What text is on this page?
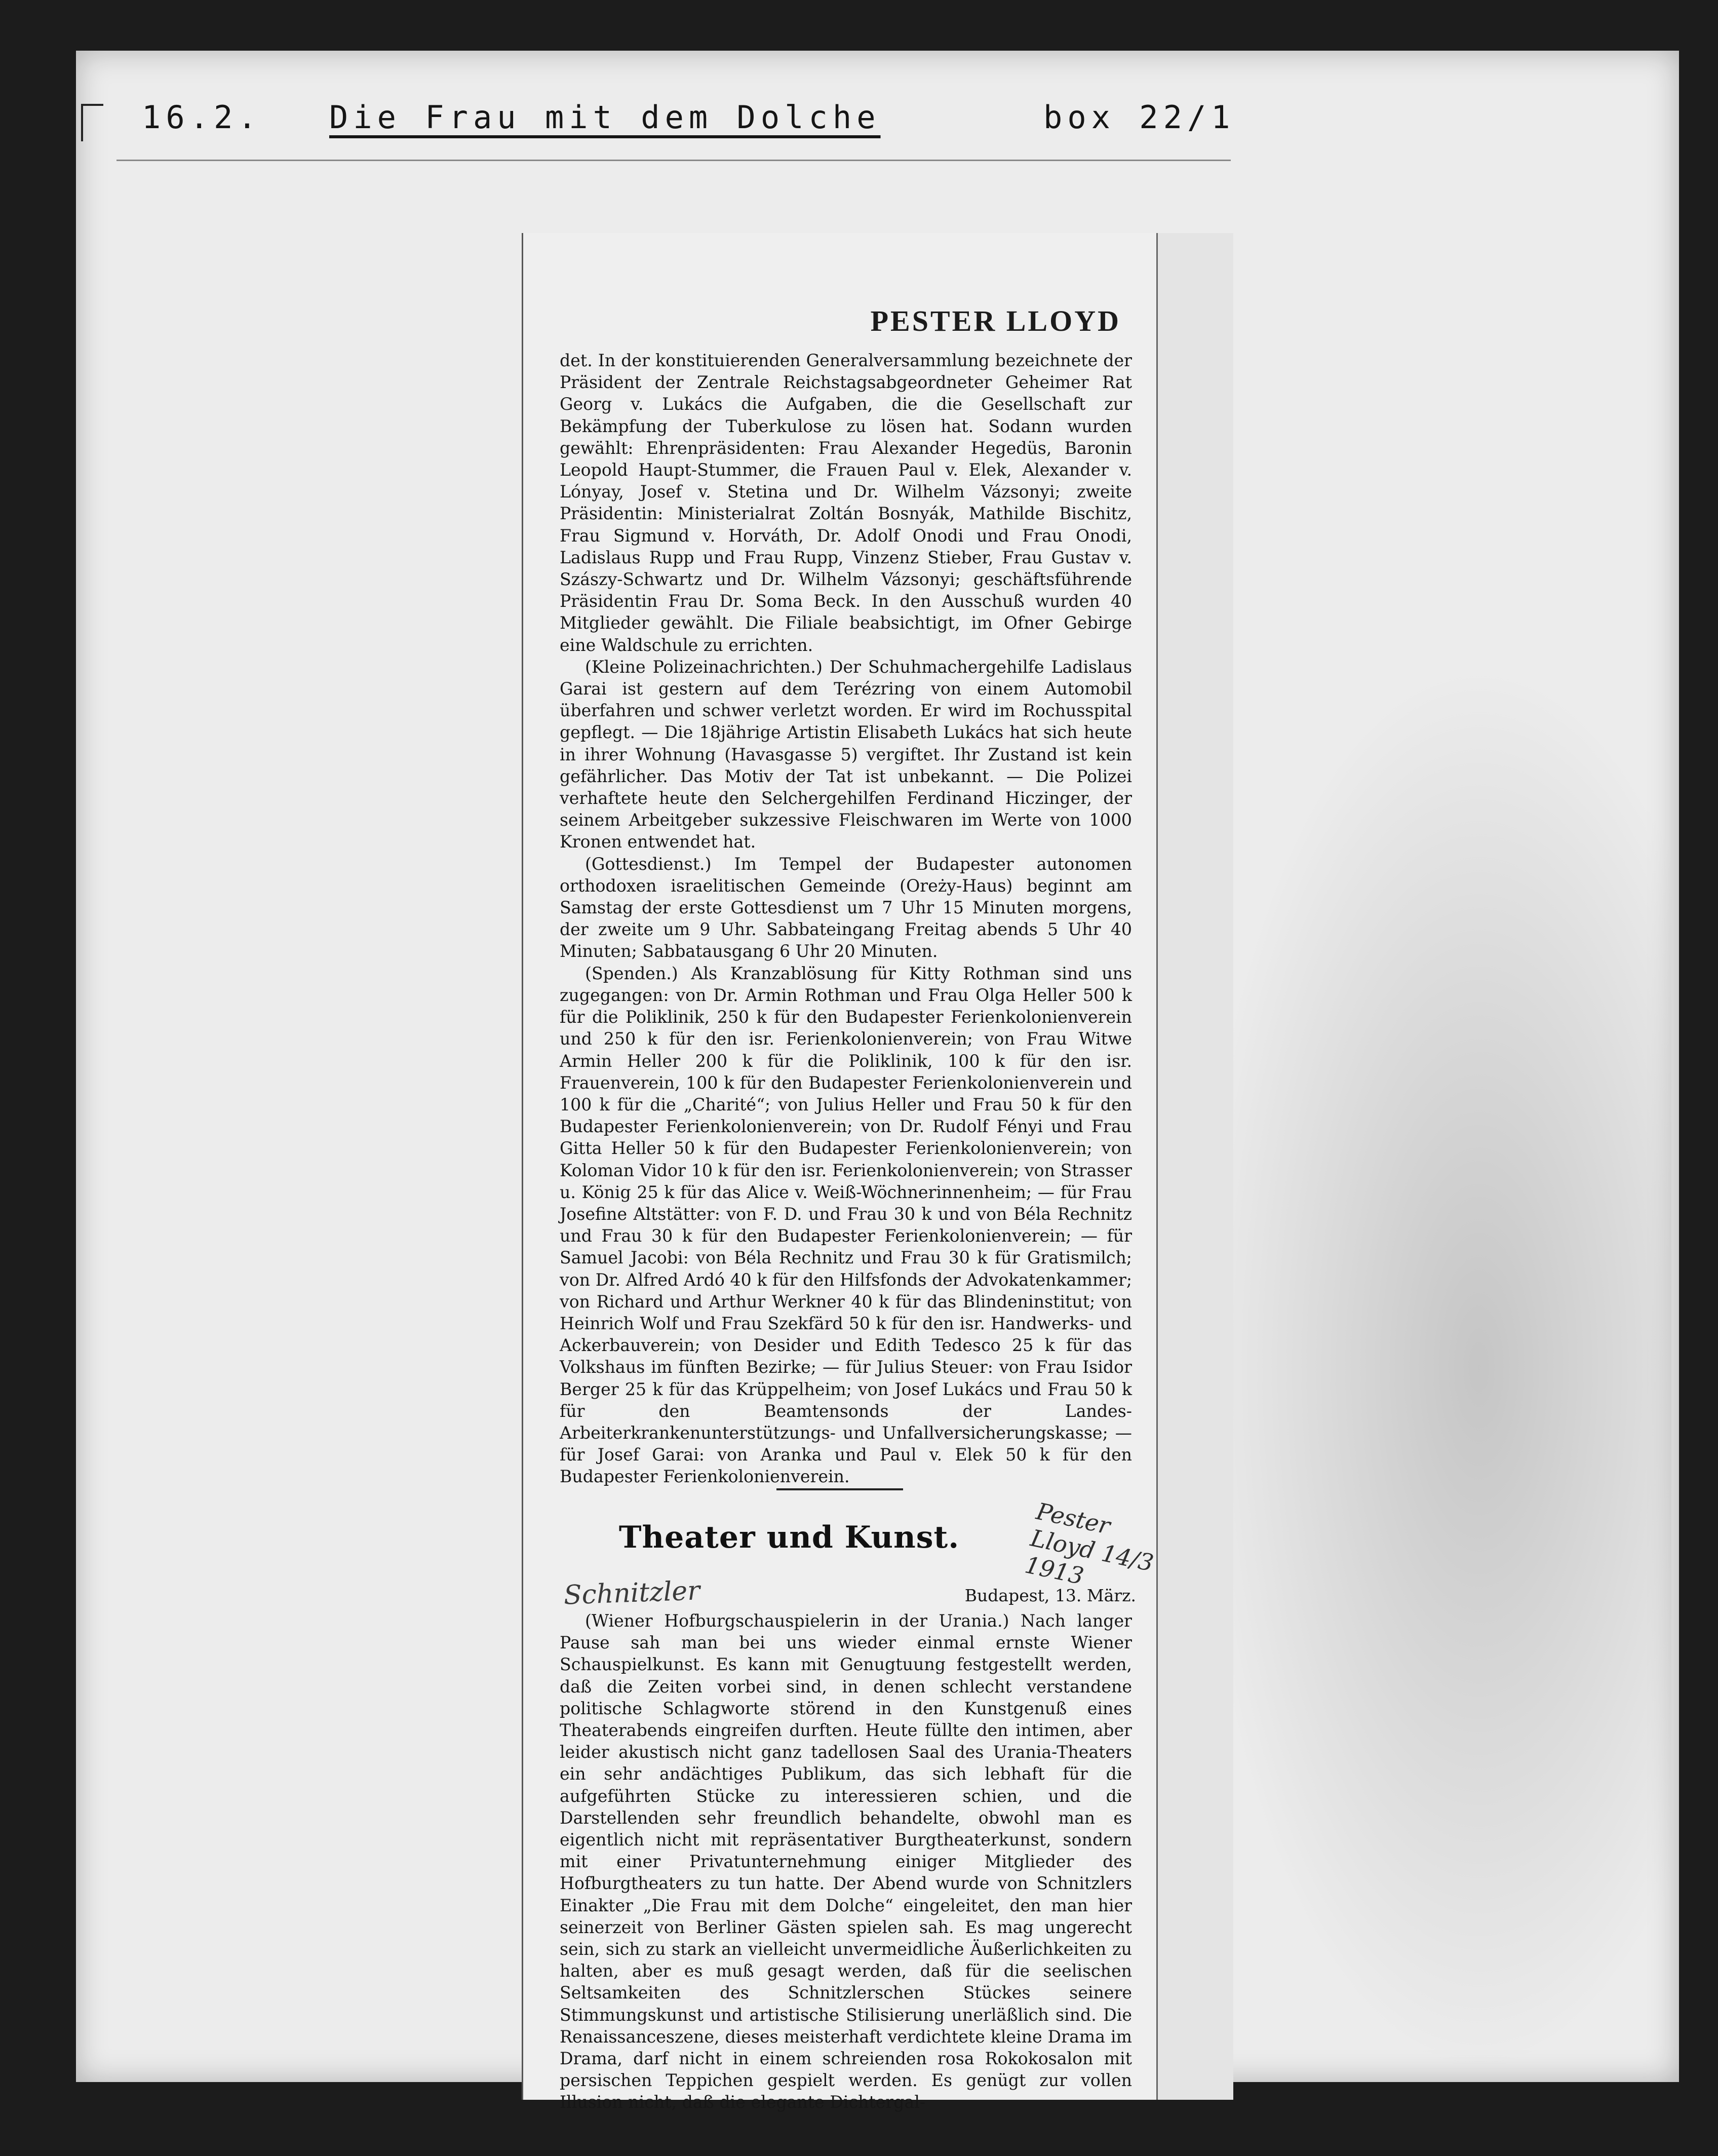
16.2. Die Frau mit dem Dolche	box 22/1
PESTER LLOYD

det. In der konstituierenden Generalversammlung bezeichnete der Präsident der Zentrale Reichstagsabgeordneter Geheimer Rat Georg v. Lukács die Aufgaben, die die Gesellschaft zur Bekämpfung der Tuberkulose zu lösen hat. Sodann wurden gewählt: Ehrenpräsidenten: Frau Alexander Hegedüs, Baronin Leopold Haupt-Stummer, die Frauen Paul v. Elek, Alexander v. Lónyay, Josef v. Stetina und Dr. Wilhelm Vázsonyi; zweite Präsidentin: Ministerialrat Zoltán Bosnyák, Mathilde Bischitz, Frau Sigmund v. Horváth, Dr. Adolf Onodi und Frau Onodi, Ladislaus Rupp und Frau Rupp, Vinzenz Stieber, Frau Gustav v. Szászy-Schwartz und Dr. Wilhelm Vázsonyi; geschäftsführende Präsidentin Frau Dr. Soma Beck. In den Ausschuß wurden 40 Mitglieder gewählt. Die Filiale beabsichtigt, im Ofner Gebirge eine Waldschule zu errichten.

(Kleine Polizeinachrichten.) Der Schuhmachergehilfe Ladislaus Garai ist gestern auf dem Terézring von einem Automobil überfahren und schwer verletzt worden. Er wird im Rochusspital gepflegt. — Die 18jährige Artistin Elisabeth Lukács hat sich heute in ihrer Wohnung (Havasgasse 5) vergiftet. Ihr Zustand ist kein gefährlicher. Das Motiv der Tat ist unbekannt. — Die Polizei verhaftete heute den Selchergehilfen Ferdinand Hiczinger, der seinem Arbeitgeber sukzessive Fleischwaren im Werte von 1000 Kronen entwendet hat.

(Gottesdienst.) Im Tempel der Budapester autonomen orthodoxen israelitischen Gemeinde (Oreży-Haus) beginnt am Samstag der erste Gottesdienst um 7 Uhr 15 Minuten morgens, der zweite um 9 Uhr. Sabbateingang Freitag abends 5 Uhr 40 Minuten; Sabbatausgang 6 Uhr 20 Minuten.

(Spenden.) Als Kranzablösung für Kitty Rothman sind uns zugegangen: von Dr. Armin Rothman und Frau Olga Heller 500 k für die Poliklinik, 250 k für den Budapester Ferienkolonienverein und 250 k für den isr. Ferienkolonienverein; von Frau Witwe Armin Heller 200 k für die Poliklinik, 100 k für den isr. Frauenverein, 100 k für den Budapester Ferienkolonienverein und 100 k für die „Charité“; von Julius Heller und Frau 50 k für den Budapester Ferienkolonienverein; von Dr. Rudolf Fényi und Frau Gitta Heller 50 k für den Budapester Ferienkolonienverein; von Koloman Vidor 10 k für den isr. Ferienkolonienverein; von Strasser u. König 25 k für das Alice v. Weiß-Wöchnerinnenheim; — für Frau Josefine Altstätter: von F. D. und Frau 30 k und von Béla Rechnitz und Frau 30 k für den Budapester Ferienkolonienverein; — für Samuel Jacobi: von Béla Rechnitz und Frau 30 k für Gratismilch; von Dr. Alfred Ardó 40 k für den Hilfsfonds der Advokatenkammer; von Richard und Arthur Werkner 40 k für das Blindeninstitut; von Heinrich Wolf und Frau Szekfärd 50 k für den isr. Handwerks- und Ackerbauverein; von Desider und Edith Tedesco 25 k für das Volkshaus im fünften Bezirke; — für Julius Steuer: von Frau Isidor Berger 25 k für das Krüppelheim; von Josef Lukács und Frau 50 k für den Beamtensonds der Landes-Arbeiterkrankenunterstützungs- und Unfallversicherungskasse; — für Josef Garai: von Aranka und Paul v. Elek 50 k für den Budapester Ferienkolonienverein.

Theater und Kunst.	Pester Lloyd 14/3 1913
Schnitzler	Budapest, 13. März.

(Wiener Hofburgschauspielerin in der Urania.) Nach langer Pause sah man bei uns wieder einmal ernste Wiener Schauspielkunst. Es kann mit Genugtuung festgestellt werden, daß die Zeiten vorbei sind, in denen schlecht verstandene politische Schlagworte störend in den Kunstgenuß eines Theaterabends eingreifen durften. Heute füllte den intimen, aber leider akustisch nicht ganz tadellosen Saal des Urania-Theaters ein sehr andächtiges Publikum, das sich lebhaft für die aufgeführten Stücke zu interessieren schien, und die Darstellenden sehr freundlich behandelte, obwohl man es eigentlich nicht mit repräsentativer Burgtheaterkunst, sondern mit einer Privatunternehmung einiger Mitglieder des Hofburgtheaters zu tun hatte. Der Abend wurde von Schnitzlers Einakter „Die Frau mit dem Dolche“ eingeleitet, den man hier seinerzeit von Berliner Gästen spielen sah. Es mag ungerecht sein, sich zu stark an vielleicht unvermeidliche Äußerlichkeiten zu halten, aber es muß gesagt werden, daß für die seelischen Seltsamkeiten des Schnitzlerschen Stückes seinere Stimmungskunst und artistische Stilisierung unerläßlich sind. Die Renaissanceszene, dieses meisterhaft verdichtete kleine Drama im Drama, darf nicht in einem schreienden rosa Rokokosalon mit persischen Teppichen gespielt werden. Es genügt zur vollen Illusion nicht, daß die elegante Dichtergal-
